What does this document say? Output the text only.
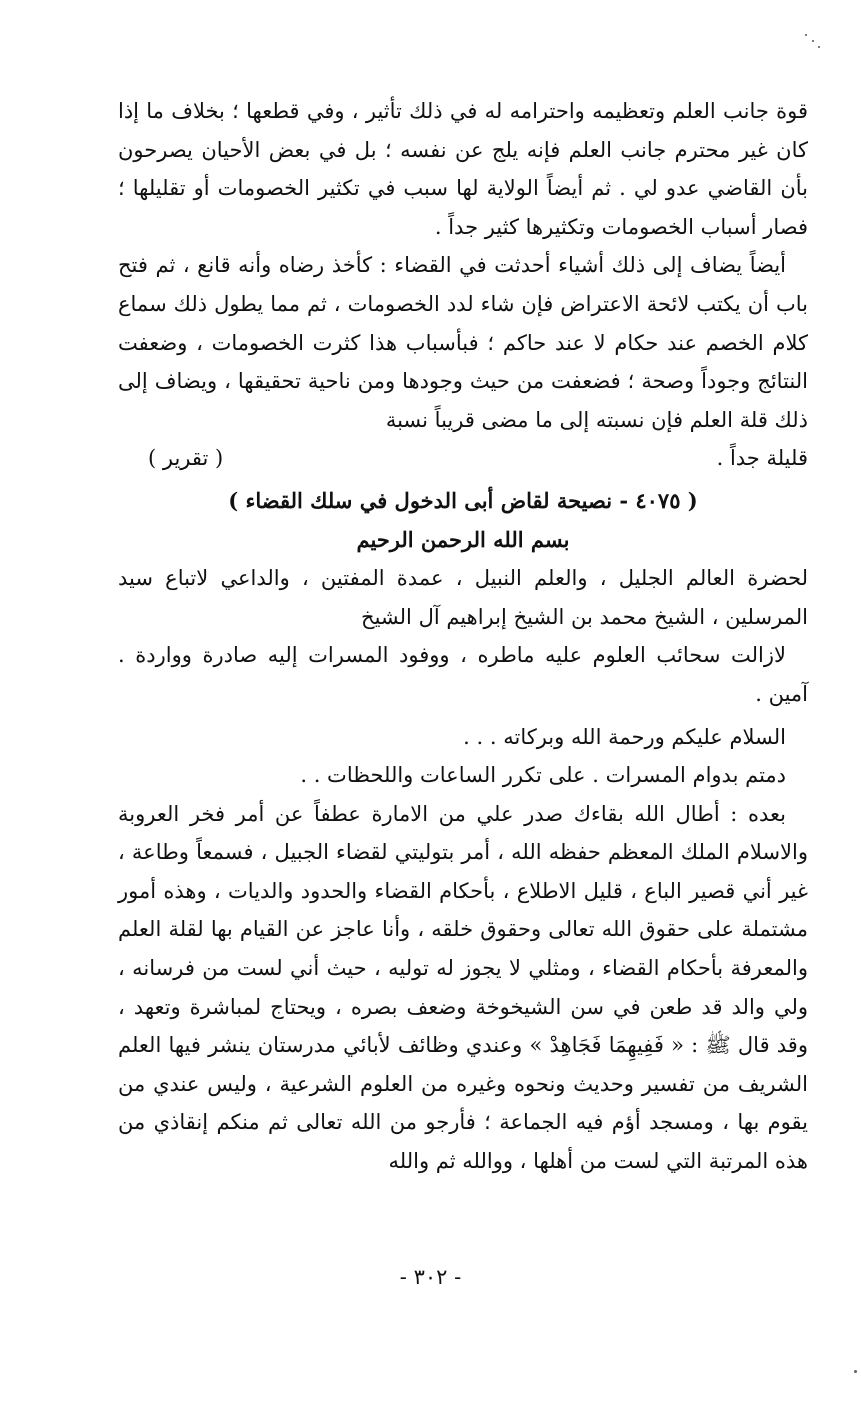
قوة جانب العلم وتعظيمه واحترامه له في ذلك تأثير ، وفي قطعها ؛ بخلاف ما إذا كان غير محترم جانب العلم فإنه يلج عن نفسه ؛ بل في بعض الأحيان يصرحون بأن القاضي عدو لي . ثم أيضاً الولاية لها سبب في تكثير الخصومات أو تقليلها ؛ فصار أسباب الخصومات وتكثيرها كثير جداً .

أيضاً يضاف إلى ذلك أشياء أحدثت في القضاء : كأخذ رضاه وأنه قانع ، ثم فتح باب أن يكتب لائحة الاعتراض فإن شاء لدد الخصومات ، ثم مما يطول ذلك سماع كلام الخصم عند حكام لا عند حاكم ؛ فبأسباب هذا كثرت الخصومات ، وضعفت النتائج وجوداً وصحة ؛ فضعفت من حيث وجودها ومن ناحية تحقيقها ، ويضاف إلى ذلك قلة العلم فإن نسبته إلى ما مضى قريباً نسبة

قليلة جداً .
( تقرير )

( ٤٠٧٥ - نصيحة لقاض أبى الدخول في سلك القضاء )

بسم الله الرحمن الرحيم

لحضرة العالم الجليل ، والعلم النبيل ، عمدة المفتين ، والداعي لاتباع سيد المرسلين ، الشيخ محمد بن الشيخ إبراهيم آل الشيخ

لازالت سحائب العلوم عليه ماطره ، ووفود المسرات إليه صادرة وواردة . آمين .

السلام عليكم ورحمة الله وبركاته . . .

دمتم بدوام المسرات . على تكرر الساعات واللحظات . .

بعده : أطال الله بقاءك صدر علي من الامارة عطفاً عن أمر فخر العروبة والاسلام الملك المعظم حفظه الله ، أمر بتوليتي لقضاء الجبيل ، فسمعاً وطاعة ، غير أني قصير الباع ، قليل الاطلاع ، بأحكام القضاء والحدود والديات ، وهذه أمور مشتملة على حقوق الله تعالى وحقوق خلقه ، وأنا عاجز عن القيام بها لقلة العلم والمعرفة بأحكام القضاء ، ومثلي لا يجوز له توليه ، حيث أني لست من فرسانه ، ولي والد قد طعن في سن الشيخوخة وضعف بصره ، ويحتاج لمباشرة وتعهد ، وقد قال ﷺ : « فَفِيهِمَا فَجَاهِدْ » وعندي وظائف لأبائي مدرستان ينشر فيها العلم الشريف من تفسير وحديث ونحوه وغيره من العلوم الشرعية ، وليس عندي من يقوم بها ، ومسجد أؤم فيه الجماعة ؛ فأرجو من الله تعالى ثم منكم إنقاذي من هذه المرتبة التي لست من أهلها ، ووالله ثم والله

- ٣٠٢ -
